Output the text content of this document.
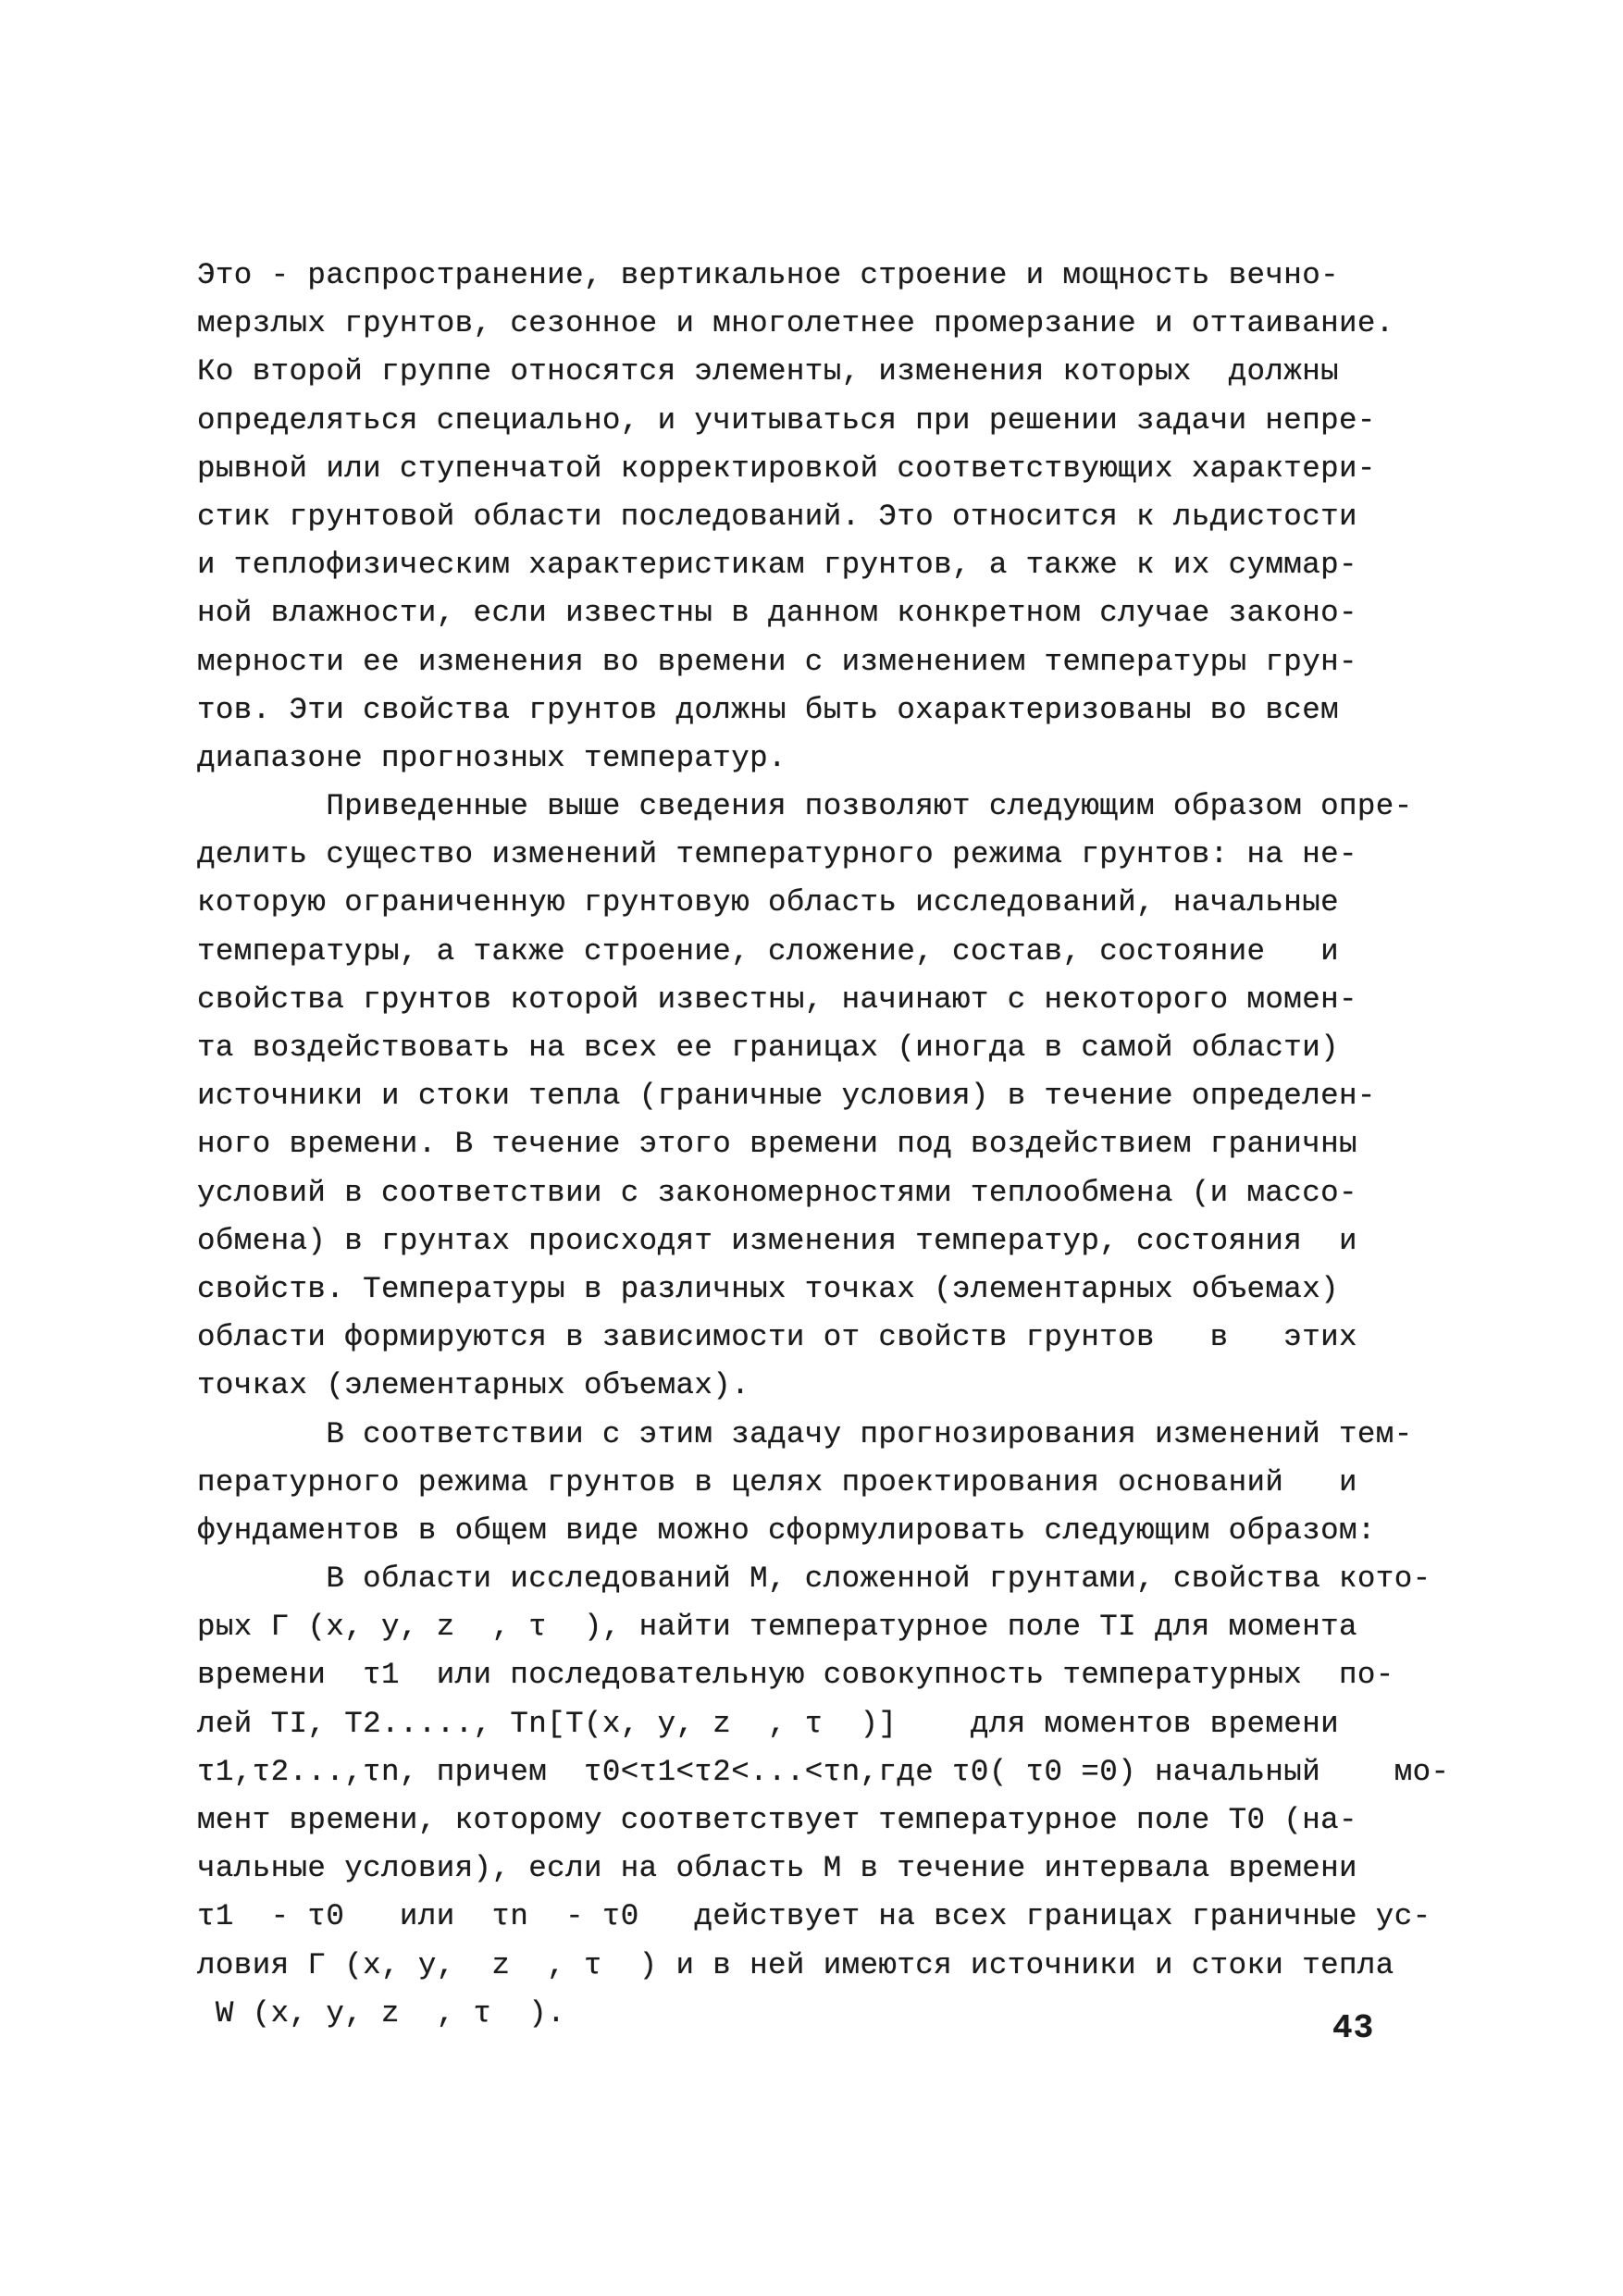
Это - распространение, вертикальное строение и мощность вечно-
мерзлых грунтов, сезонное и многолетнее промерзание и оттаивание.
Ко второй группе относятся элементы, изменения которых  должны
определяться специально, и учитываться при решении задачи непре-
рывной или ступенчатой корректировкой соответствующих характери-
стик грунтовой области последований. Это относится к льдистости
и теплофизическим характеристикам грунтов, а также к их суммар-
ной влажности, если известны в данном конкретном случае законо-
мерности ее изменения во времени с изменением температуры грун-
тов. Эти свойства грунтов должны быть охарактеризованы во всем
диапазоне прогнозных температур.
Приведенные выше сведения позволяют следующим образом опре-
делить существо изменений температурного режима грунтов: на не-
которую ограниченную грунтовую область исследований, начальные
температуры, а также строение, сложение, состав, состояние   и
свойства грунтов которой известны, начинают с некоторого момен-
та воздействовать на всех ее границах (иногда в самой области)
источники и стоки тепла (граничные условия) в течение определен-
ного времени. В течение этого времени под воздействием граничны
условий в соответствии с закономерностями теплообмена (и массо-
обмена) в грунтах происходят изменения температур, состояния  и
свойств. Температуры в различных точках (элементарных объемах)
области формируются в зависимости от свойств грунтов   в   этих
точках (элементарных объемах).
В соответствии с этим задачу прогнозирования изменений тем-
пературного режима грунтов в целях проектирования оснований   и
фундаментов в общем виде можно сформулировать следующим образом:
В области исследований М, сложенной грунтами, свойства кото-
рых Г (x, y, z  , τ  ), найти температурное поле TI для момента
времени  τ1  или последовательную совокупность температурных  по-
лей TI, T2....., Tn[T(x, y, z  , τ  )]    для моментов времени
τ1,τ2...,τn, причем  τ0<τ1<τ2<...<τn,где τ0( τ0 =0) начальный    мо-
мент времени, которому соответствует температурное поле T0 (на-
чальные условия), если на область М в течение интервала времени
τ1  - τ0   или  τn  - τ0   действует на всех границах граничные ус-
ловия Г (x, y,  z  , τ  ) и в ней имеются источники и стоки тепла
W (x, y, z  , τ  ).	43
